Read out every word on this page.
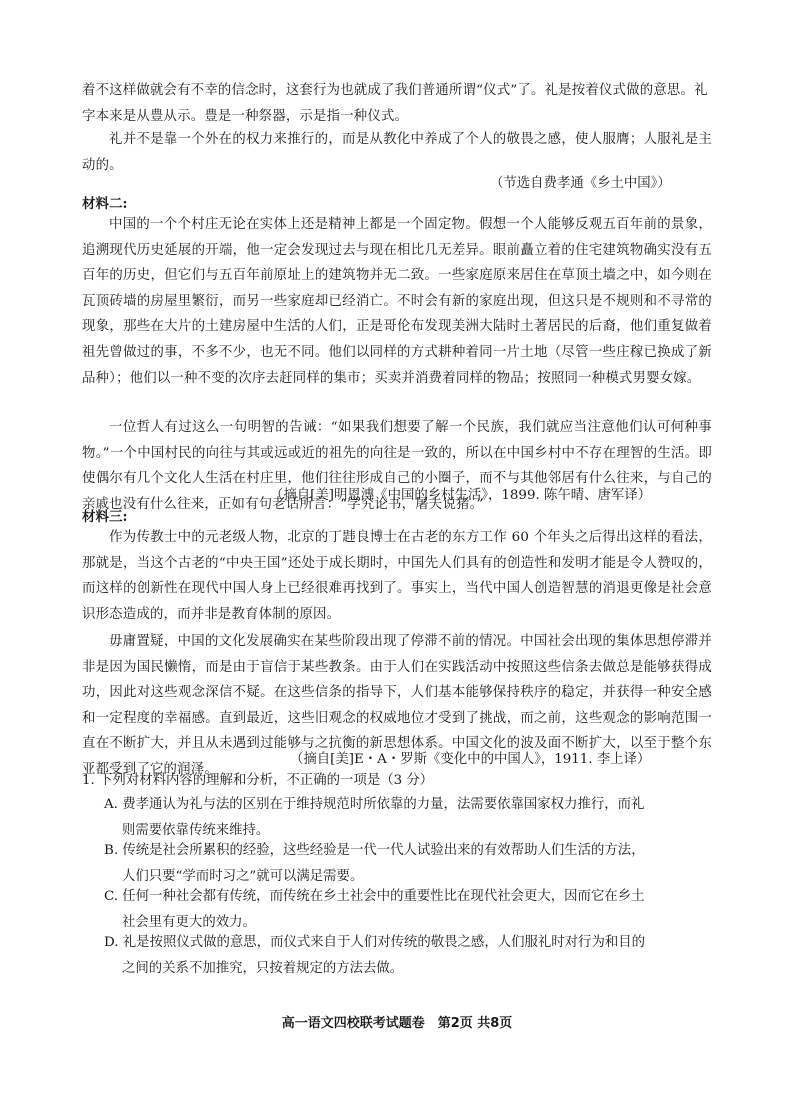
着不这样做就会有不幸的信念时，这套行为也就成了我们普通所谓“仪式”了。礼是按着仪式做的意思。礼字本来是从豊从示。豊是一种祭器，示是指一种仪式。

礼并不是靠一个外在的权力来推行的，而是从教化中养成了个人的敬畏之感，使人服膺；人服礼是主动的。

（节选自费孝通《乡土中国》）

材料二:

中国的一个个村庄无论在实体上还是精神上都是一个固定物。假想一个人能够反观五百年前的景象，追溯现代历史延展的开端，他一定会发现过去与现在相比几无差异。眼前矗立着的住宅建筑物确实没有五百年的历史，但它们与五百年前原址上的建筑物并无二致。一些家庭原来居住在草顶土墙之中，如今则在瓦顶砖墙的房屋里繁衍，而另一些家庭却已经消亡。不时会有新的家庭出现，但这只是不规则和不寻常的现象，那些在大片的土建房屋中生活的人们，正是哥伦布发现美洲大陆时土著居民的后裔，他们重复做着祖先曾做过的事，不多不少，也无不同。他们以同样的方式耕种着同一片土地（尽管一些庄稼已换成了新品种）；他们以一种不变的次序去赶同样的集市；买卖并消费着同样的物品；按照同一种模式男婴女嫁。

一位哲人有过这么一句明智的告诫：“如果我们想要了解一个民族，我们就应当注意他们认可何种事物。”一个中国村民的向往与其或远或近的祖先的向往是一致的，所以在中国乡村中不存在理智的生活。即使偶尔有几个文化人生活在村庄里，他们往往形成自己的小圈子，而不与其他邻居有什么往来，与自己的亲戚也没有什么往来，正如有句老话所言：“学究论书，屠夫说猪。”

（摘自[美]明恩溥《中国的乡村生活》，1899. 陈午晴、唐军译）

材料三:

作为传教士中的元老级人物，北京的丁韪良博士在古老的东方工作 60 个年头之后得出这样的看法，那就是，当这个古老的“中央王国”还处于成长期时，中国先人们具有的创造性和发明才能是令人赞叹的，而这样的创新性在现代中国人身上已经很难再找到了。事实上，当代中国人创造智慧的消退更像是社会意识形态造成的，而并非是教育体制的原因。

毋庸置疑，中国的文化发展确实在某些阶段出现了停滞不前的情况。中国社会出现的集体思想停滞并非是因为国民懒惰，而是由于盲信于某些教条。由于人们在实践活动中按照这些信条去做总是能够获得成功，因此对这些观念深信不疑。在这些信条的指导下，人们基本能够保持秩序的稳定，并获得一种安全感和一定程度的幸福感。直到最近，这些旧观念的权威地位才受到了挑战，而之前，这些观念的影响范围一直在不断扩大，并且从未遇到过能够与之抗衡的新思想体系。中国文化的波及面不断扩大，以至于整个东亚都受到了它的润泽。

（摘自[美]E・A・罗斯《变化中的中国人》，1911. 李上译）

1. 下列对材料内容的理解和分析，不正确的一项是（3 分）

A. 费孝通认为礼与法的区别在于维持规范时所依靠的力量，法需要依靠国家权力推行，而礼
则需要依靠传统来维持。

B. 传统是社会所累积的经验，这些经验是一代一代人试验出来的有效帮助人们生活的方法，
人们只要“学而时习之”就可以满足需要。

C. 任何一种社会都有传统，而传统在乡土社会中的重要性比在现代社会更大，因而它在乡土
社会里有更大的效力。

D. 礼是按照仪式做的意思，而仪式来自于人们对传统的敬畏之感，人们服礼时对行为和目的
之间的关系不加推究，只按着规定的方法去做。

高一语文四校联考试题卷　第2页 共8页
